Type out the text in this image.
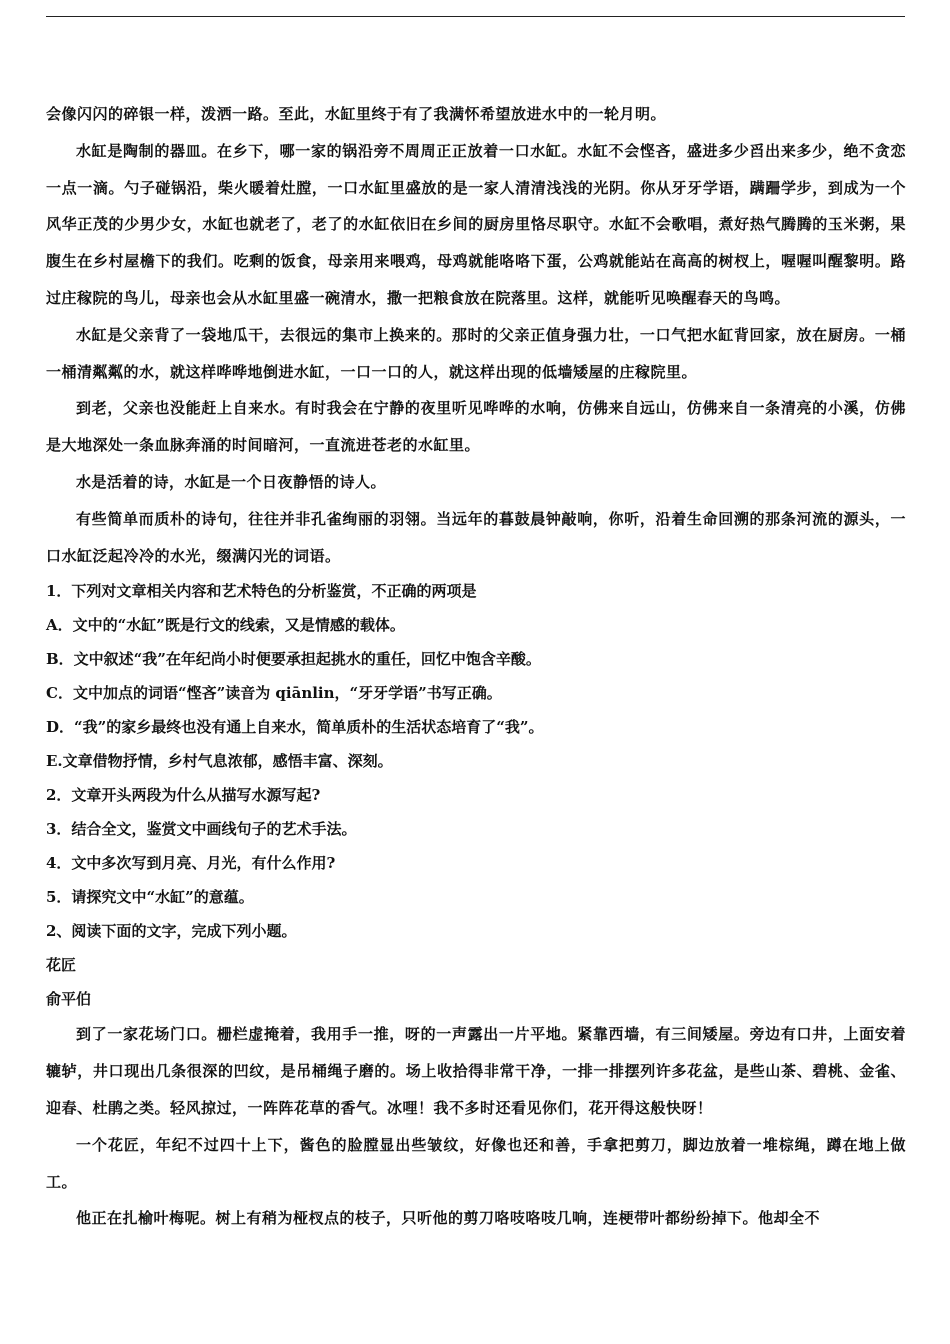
会像闪闪的碎银一样，泼洒一路。至此，水缸里终于有了我满怀希望放进水中的一轮月明。

水缸是陶制的器皿。在乡下，哪一家的锅沿旁不周周正正放着一口水缸。水缸不会悭吝，盛进多少舀出来多少，绝不贪恋一点一滴。勺子碰锅沿，柴火暖着灶膛，一口水缸里盛放的是一家人清清浅浅的光阴。你从牙牙学语，蹒跚学步，到成为一个风华正茂的少男少女，水缸也就老了，老了的水缸依旧在乡间的厨房里恪尽职守。水缸不会歌唱，煮好热气腾腾的玉米粥，果腹生在乡村屋檐下的我们。吃剩的饭食，母亲用来喂鸡，母鸡就能咯咯下蛋，公鸡就能站在高高的树杈上，喔喔叫醒黎明。路过庄稼院的鸟儿，母亲也会从水缸里盛一碗清水，撒一把粮食放在院落里。这样，就能听见唤醒春天的鸟鸣。

水缸是父亲背了一袋地瓜干，去很远的集市上换来的。那时的父亲正值身强力壮，一口气把水缸背回家，放在厨房。一桶一桶清粼粼的水，就这样哗哗地倒进水缸，一口一口的人，就这样出现的低墙矮屋的庄稼院里。

到老，父亲也没能赶上自来水。有时我会在宁静的夜里听见哗哗的水响，仿佛来自远山，仿佛来自一条清亮的小溪，仿佛是大地深处一条血脉奔涌的时间暗河，一直流进苍老的水缸里。

水是活着的诗，水缸是一个日夜静悟的诗人。

有些简单而质朴的诗句，往往并非孔雀绚丽的羽翎。当远年的暮鼓晨钟敲响，你听，沿着生命回溯的那条河流的源头，一口水缸泛起冷冷的水光，缀满闪光的词语。

1．下列对文章相关内容和艺术特色的分析鉴赏，不正确的两项是

A．文中的“水缸”既是行文的线索，又是情感的载体。

B．文中叙述“我”在年纪尚小时便要承担起挑水的重任，回忆中饱含辛酸。

C．文中加点的词语“悭吝”读音为 qiānlin，“牙牙学语”书写正确。

D．“我”的家乡最终也没有通上自来水，简单质朴的生活状态培育了“我”。

E.文章借物抒情，乡村气息浓郁，感悟丰富、深刻。

2．文章开头两段为什么从描写水源写起?

3．结合全文，鉴赏文中画线句子的艺术手法。

4．文中多次写到月亮、月光，有什么作用?

5．请探究文中“水缸”的意蕴。

2、阅读下面的文字，完成下列小题。

花匠

俞平伯

到了一家花场门口。栅栏虚掩着，我用手一推，呀的一声露出一片平地。紧靠西墙，有三间矮屋。旁边有口井，上面安着辘轳，井口现出几条很深的凹纹，是吊桶绳子磨的。场上收拾得非常干净，一排一排摆列许多花盆，是些山茶、碧桃、金雀、迎春、杜鹃之类。轻风掠过，一阵阵花草的香气。冰哩！我不多时还看见你们，花开得这般快呀！

一个花匠，年纪不过四十上下，酱色的脸膛显出些皱纹，好像也还和善，手拿把剪刀，脚边放着一堆棕绳，蹲在地上做工。

他正在扎榆叶梅呢。树上有稍为桠杈点的枝子，只听他的剪刀咯吱咯吱几响，连梗带叶都纷纷掉下。他却全不
